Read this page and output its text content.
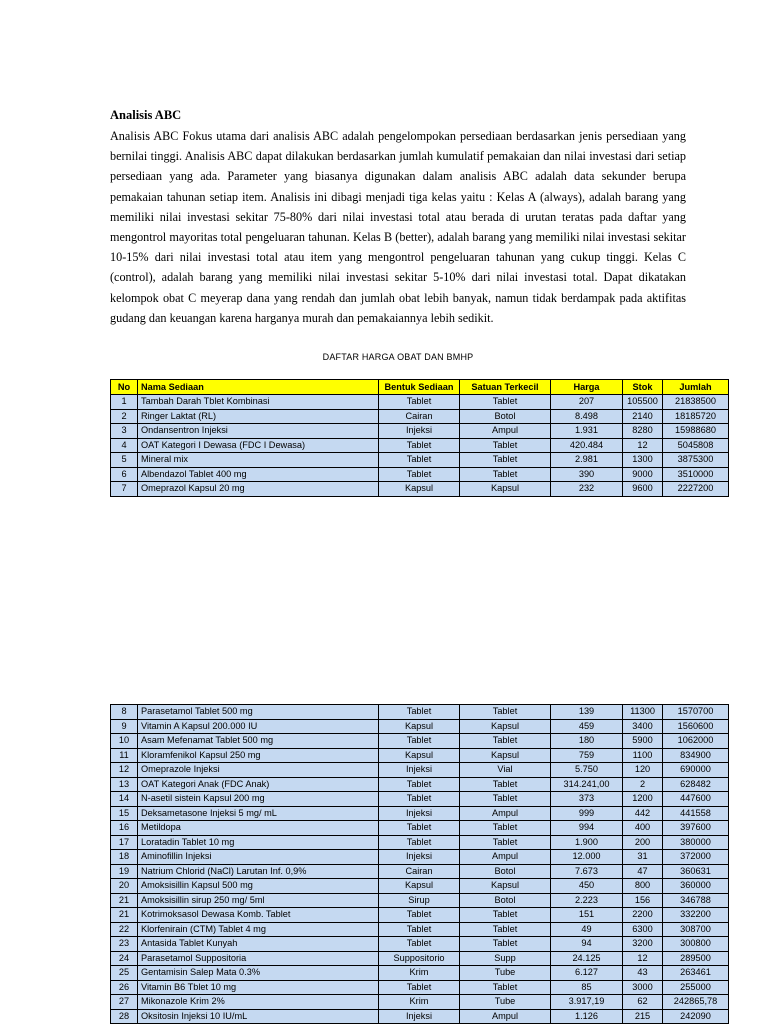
Analisis ABC
Analisis ABC Fokus utama dari analisis ABC adalah pengelompokan persediaan berdasarkan jenis persediaan yang bernilai tinggi. Analisis ABC dapat dilakukan berdasarkan jumlah kumulatif pemakaian dan nilai investasi dari setiap persediaan yang ada. Parameter yang biasanya digunakan dalam analisis ABC adalah data sekunder berupa pemakaian tahunan setiap item. Analisis ini dibagi menjadi tiga kelas yaitu : Kelas A (always), adalah barang yang memiliki nilai investasi sekitar 75-80% dari nilai investasi total atau berada di urutan teratas pada daftar yang mengontrol mayoritas total pengeluaran tahunan. Kelas B (better), adalah barang yang memiliki nilai investasi sekitar 10-15% dari nilai investasi total atau item yang mengontrol pengeluaran tahunan yang cukup tinggi. Kelas C (control), adalah barang yang memiliki nilai investasi sekitar 5-10% dari nilai investasi total. Dapat dikatakan kelompok obat C meyerap dana yang rendah dan jumlah obat lebih banyak, namun tidak berdampak pada aktifitas gudang dan keuangan karena harganya murah dan pemakaiannya lebih sedikit.
DAFTAR HARGA OBAT DAN BMHP
No	Nama Sediaan	Bentuk Sediaan	Satuan Terkecil	Harga	Stok	Jumlah
1	Tambah Darah Tblet Kombinasi	Tablet	Tablet	207	105500	21838500
2	Ringer Laktat (RL)	Cairan	Botol	8.498	2140	18185720
3	Ondansentron Injeksi	Injeksi	Ampul	1.931	8280	15988680
4	OAT Kategori I Dewasa (FDC I Dewasa)	Tablet	Tablet	420.484	12	5045808
5	Mineral mix	Tablet	Tablet	2.981	1300	3875300
6	Albendazol Tablet 400 mg	Tablet	Tablet	390	9000	3510000
7	Omeprazol Kapsul 20 mg	Kapsul	Kapsul	232	9600	2227200
8	Parasetamol Tablet 500 mg	Tablet	Tablet	139	11300	1570700
9	Vitamin A Kapsul 200.000 IU	Kapsul	Kapsul	459	3400	1560600
10	Asam Mefenamat Tablet 500 mg	Tablet	Tablet	180	5900	1062000
11	Kloramfenikol Kapsul 250 mg	Kapsul	Kapsul	759	1100	834900
12	Omeprazole Injeksi	Injeksi	Vial	5.750	120	690000
13	OAT Kategori Anak (FDC Anak)	Tablet	Tablet	314.241,00	2	628482
14	N-asetil sistein Kapsul 200 mg	Tablet	Tablet	373	1200	447600
15	Deksametasone Injeksi 5 mg/ mL	Injeksi	Ampul	999	442	441558
16	Metildopa	Tablet	Tablet	994	400	397600
17	Loratadin Tablet 10 mg	Tablet	Tablet	1.900	200	380000
18	Aminofillin Injeksi	Injeksi	Ampul	12.000	31	372000
19	Natrium Chlorid (NaCl) Larutan Inf. 0,9%	Cairan	Botol	7.673	47	360631
20	Amoksisillin Kapsul 500 mg	Kapsul	Kapsul	450	800	360000
21	Amoksisillin sirup 250 mg/ 5ml	Sirup	Botol	2.223	156	346788
21	Kotrimoksasol Dewasa Komb. Tablet	Tablet	Tablet	151	2200	332200
22	Klorfenirain (CTM) Tablet 4 mg	Tablet	Tablet	49	6300	308700
23	Antasida Tablet Kunyah	Tablet	Tablet	94	3200	300800
24	Parasetamol Suppositoria	Suppositorio	Supp	24.125	12	289500
25	Gentamisin Salep Mata 0.3%	Krim	Tube	6.127	43	263461
26	Vitamin B6 Tblet 10 mg	Tablet	Tablet	85	3000	255000
27	Mikonazole Krim 2%	Krim	Tube	3.917,19	62	242865,78
28	Oksitosin Injeksi 10 IU/mL	Injeksi	Ampul	1.126	215	242090
